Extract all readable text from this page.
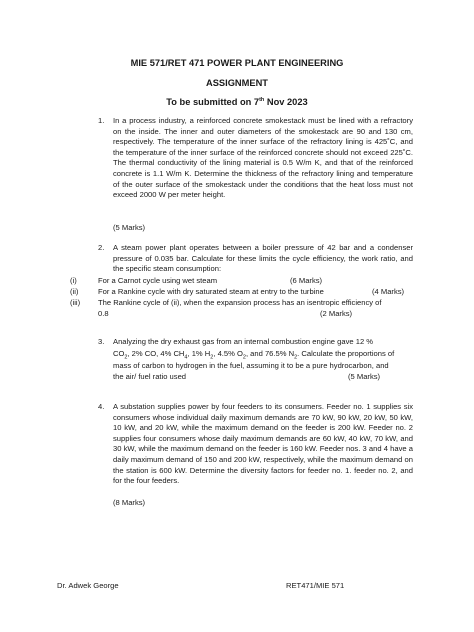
MIE 571/RET 471 POWER PLANT ENGINEERING
ASSIGNMENT
To be submitted on 7th Nov 2023
1. In a process industry, a reinforced concrete smokestack must be lined with a refractory on the inside. The inner and outer diameters of the smokestack are 90 and 130 cm, respectively. The temperature of the inner surface of the refractory lining is 425˚C, and the temperature of the inner surface of the reinforced concrete should not exceed 225˚C. The thermal conductivity of the lining material is 0.5 W/m K, and that of the reinforced concrete is 1.1 W/m K. Determine the thickness of the refractory lining and temperature of the outer surface of the smokestack under the conditions that the heat loss must not exceed 2000 W per meter height.
(5 Marks)
2. A steam power plant operates between a boiler pressure of 42 bar and a condenser pressure of 0.035 bar. Calculate for these limits the cycle efficiency, the work ratio, and the specific steam consumption:
(i)	For a Carnot cycle using wet steam	(6 Marks)
(ii)	For a Rankine cycle with dry saturated steam at entry to the turbine	(4 Marks)
(iii) The Rankine cycle of (ii), when the expansion process has an isentropic efficiency of
0.8	(2 Marks)
3. Analyzing the dry exhaust gas from an internal combustion engine gave 12 %
$CO_2$, 2% CO, 4% $CH_4$, 1% $H_2$, 4.5% $O_2$, and 76.5% $N_2$. Calculate the proportions of
mass of carbon to hydrogen in the fuel, assuming it to be a pure hydrocarbon, and
the air/ fuel ratio used	(5 Marks)
4. A substation supplies power by four feeders to its consumers. Feeder no. 1 supplies six consumers whose individual daily maximum demands are 70 kW, 90 kW, 20 kW, 50 kW, 10 kW, and 20 kW, while the maximum demand on the feeder is 200 kW. Feeder no. 2 supplies four consumers whose daily maximum demands are 60 kW, 40 kW, 70 kW, and 30 kW, while the maximum demand on the feeder is 160 kW. Feeder nos. 3 and 4 have a daily maximum demand of 150 and 200 kW, respectively, while the maximum demand on the station is 600 kW. Determine the diversity factors for feeder no. 1. feeder no. 2, and for the four feeders.
(8 Marks)
Dr. Adwek George	RET471/MIE 571
